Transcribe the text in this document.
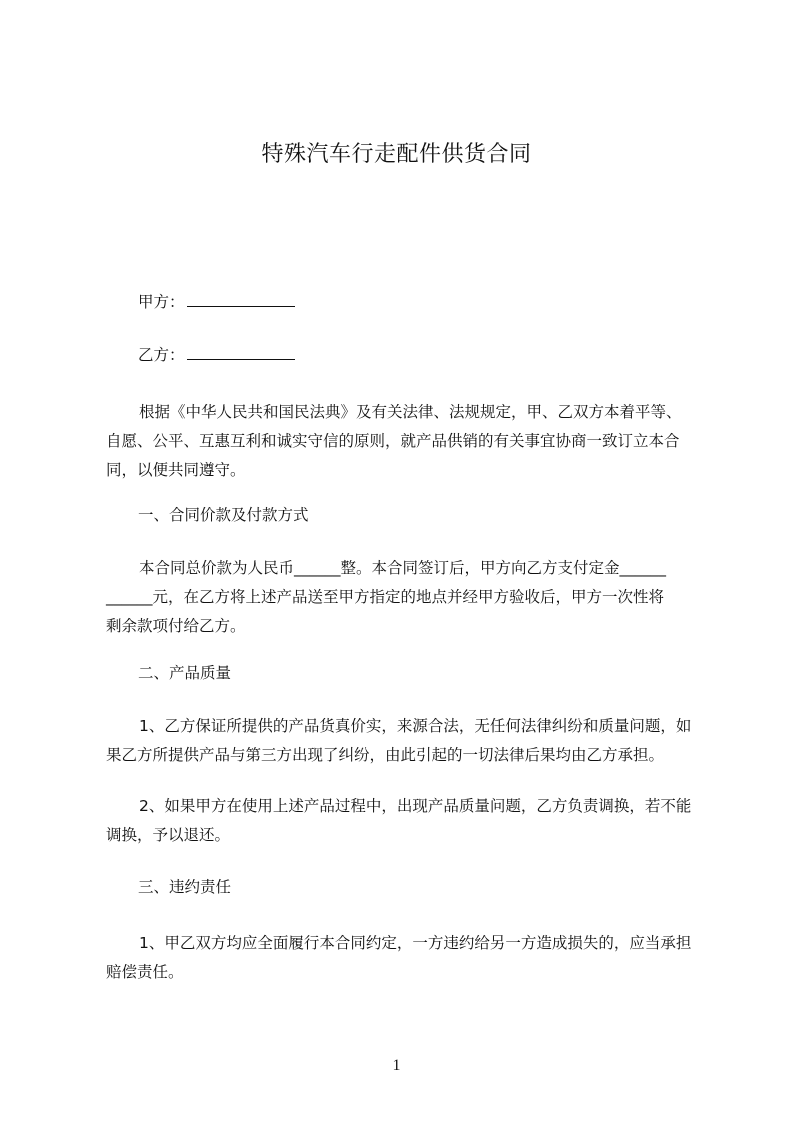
特殊汽车行走配件供货合同
甲方：
乙方：
根据《中华人民共和国民法典》及有关法律、法规规定，甲、乙双方本着平等、
自愿、公平、互惠互利和诚实守信的原则，就产品供销的有关事宜协商一致订立本合
同，以便共同遵守。
一、合同价款及付款方式
本合同总价款为人民币______整。本合同签订后，甲方向乙方支付定金______
______元，在乙方将上述产品送至甲方指定的地点并经甲方验收后，甲方一次性将
剩余款项付给乙方。
二、产品质量
1、乙方保证所提供的产品货真价实，来源合法，无任何法律纠纷和质量问题，如
果乙方所提供产品与第三方出现了纠纷，由此引起的一切法律后果均由乙方承担。
2、如果甲方在使用上述产品过程中，出现产品质量问题，乙方负责调换，若不能
调换，予以退还。
三、违约责任
1、甲乙双方均应全面履行本合同约定，一方违约给另一方造成损失的，应当承担
赔偿责任。
1
